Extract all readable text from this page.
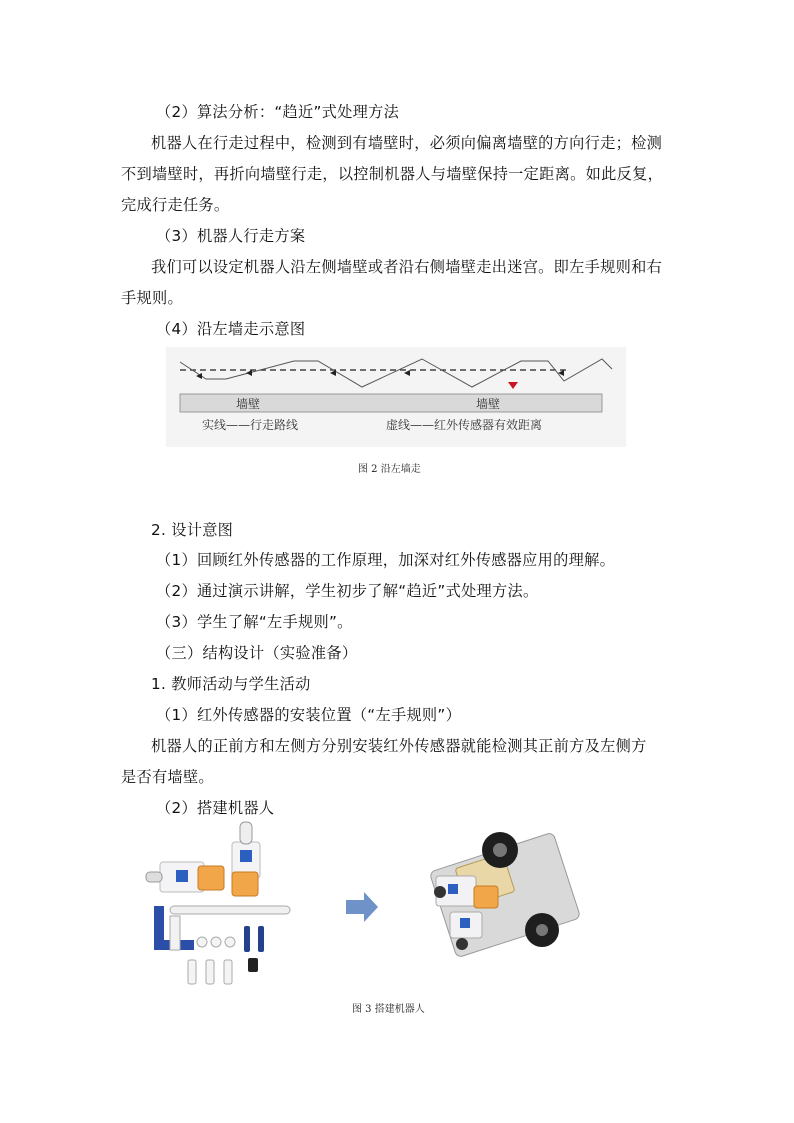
（2）算法分析：“趋近”式处理方法
机器人在行走过程中，检测到有墙壁时，必须向偏离墙壁的方向行走；检测
不到墙壁时，再折向墙壁行走，以控制机器人与墙壁保持一定距离。如此反复，
完成行走任务。
（3）机器人行走方案
我们可以设定机器人沿左侧墙壁或者沿右侧墙壁走出迷宫。即左手规则和右
手规则。
（4）沿左墙走示意图
墙壁	墙壁
实线——行走路线	虚线——红外传感器有效距离
图 2 沿左墙走
2. 设计意图
（1）回顾红外传感器的工作原理，加深对红外传感器应用的理解。
（2）通过演示讲解，学生初步了解“趋近”式处理方法。
（3）学生了解“左手规则”。
（三）结构设计（实验准备）
1. 教师活动与学生活动
（1）红外传感器的安装位置（“左手规则”）
机器人的正前方和左侧方分别安装红外传感器就能检测其正前方及左侧方
是否有墙壁。
（2）搭建机器人
图 3 搭建机器人
